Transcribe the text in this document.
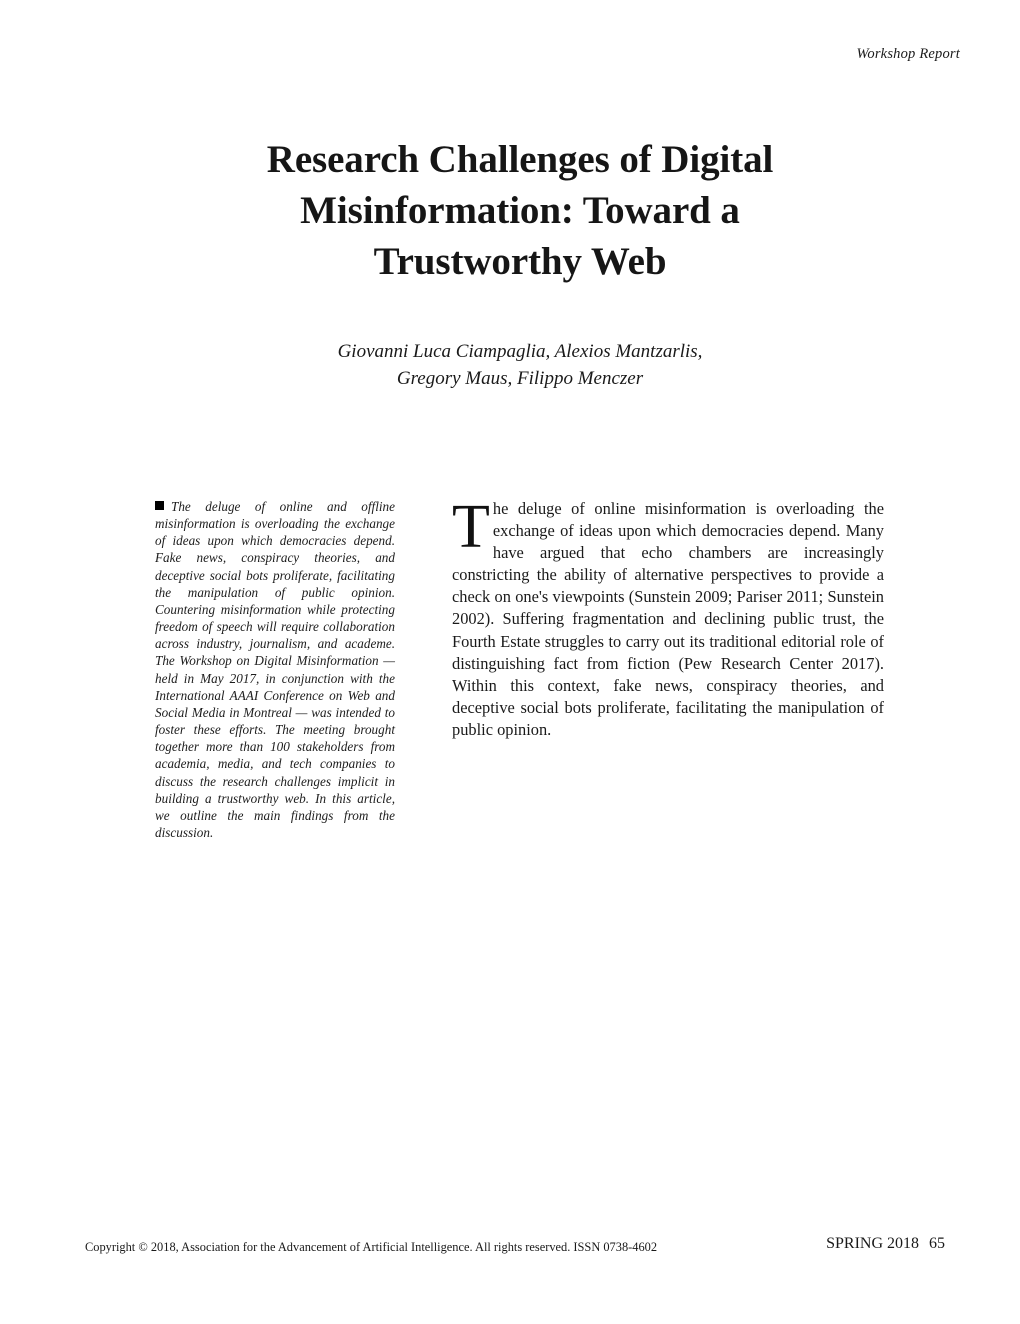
Workshop Report
Research Challenges of Digital
Misinformation: Toward a
Trustworthy Web
Giovanni Luca Ciampaglia, Alexios Mantzarlis,
Gregory Maus, Filippo Menczer

The deluge of online and offline misinformation is overloading the exchange of ideas upon which democracies depend. Fake news, conspiracy theories, and deceptive social bots proliferate, facilitating the manipulation of public opinion. Countering misinformation while protecting freedom of speech will require collaboration across industry, journalism, and academe. The Workshop on Digital Misinformation — held in May 2017, in conjunction with the International AAAI Conference on Web and Social Media in Montreal — was intended to foster these efforts. The meeting brought together more than 100 stakeholders from academia, media, and tech companies to discuss the research challenges implicit in building a trustworthy web. In this article, we outline the main findings from the discussion.

The deluge of online misinformation is overloading the exchange of ideas upon which democracies depend. Many have argued that echo chambers are increasingly constricting the ability of alternative perspectives to provide a check on one's viewpoints (Sunstein 2009; Pariser 2011; Sunstein 2002). Suffering fragmentation and declining public trust, the Fourth Estate struggles to carry out its traditional editorial role of distinguishing fact from fiction (Pew Research Center 2017). Within this context, fake news, conspiracy theories, and deceptive social bots proliferate, facilitating the manipulation of public opinion.

Copyright © 2018, Association for the Advancement of Artificial Intelligence. All rights reserved. ISSN 0738-4602	SPRING 2018 65
